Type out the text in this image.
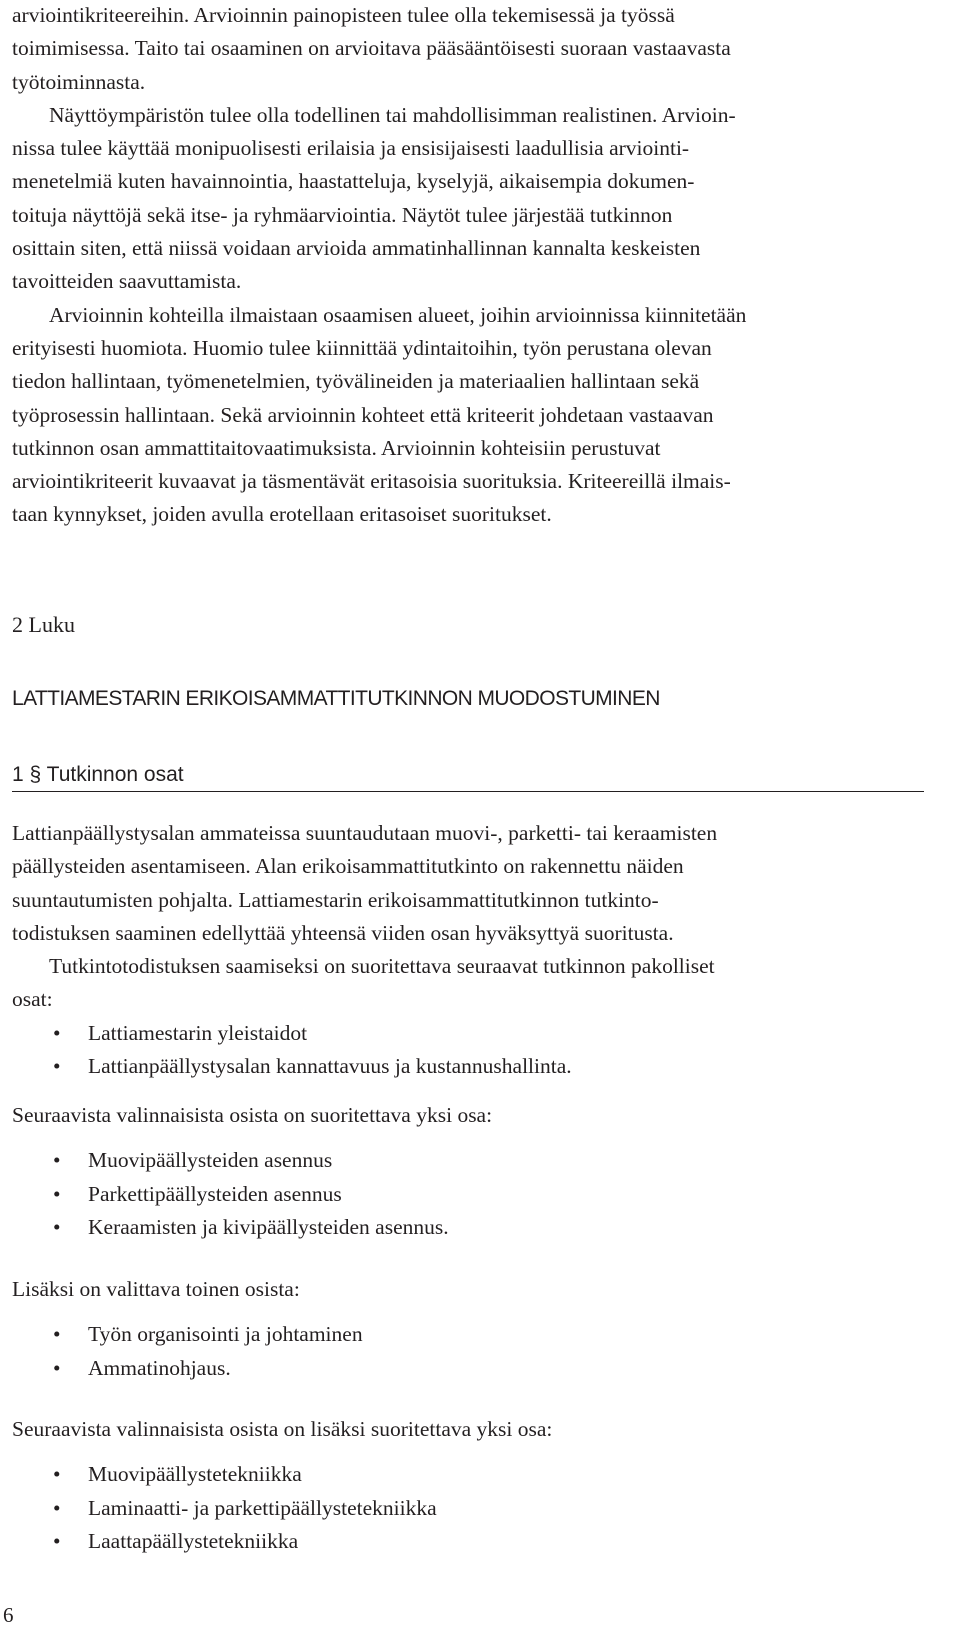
arviointikriteereihin. Arvioinnin painopisteen tulee olla tekemisessä ja työssä
toimimisessa. Taito tai osaaminen on arvioitava pääsääntöisesti suoraan vastaavasta
työtoiminnasta.

Näyttöympäristön tulee olla todellinen tai mahdollisimman realistinen. Arvioin-
nissa tulee käyttää monipuolisesti erilaisia ja ensisijaisesti laadullisia arviointi-
menetelmiä kuten havainnointia, haastatteluja, kyselyjä, aikaisempia dokumen-
toituja näyttöjä sekä itse- ja ryhmäarviointia. Näytöt tulee järjestää tutkinnon
osittain siten, että niissä voidaan arvioida ammatinhallinnan kannalta keskeisten
tavoitteiden saavuttamista.

Arvioinnin kohteilla ilmaistaan osaamisen alueet, joihin arvioinnissa kiinnitetään
erityisesti huomiota. Huomio tulee kiinnittää ydintaitoihin, työn perustana olevan
tiedon hallintaan, työmenetelmien, työvälineiden ja materiaalien hallintaan sekä
työprosessin hallintaan. Sekä arvioinnin kohteet että kriteerit johdetaan vastaavan
tutkinnon osan ammattitaitovaatimuksista. Arvioinnin kohteisiin perustuvat
arviointikriteerit kuvaavat ja täsmentävät eritasoisia suorituksia. Kriteereillä ilmais-
taan kynnykset, joiden avulla erotellaan eritasoiset suoritukset.

2 Luku

LATTIAMESTARIN ERIKOISAMMATTITUTKINNON MUODOSTUMINEN

1 § Tutkinnon osat

Lattianpäällystysalan ammateissa suuntaudutaan muovi-, parketti- tai keraamisten
päällysteiden asentamiseen. Alan erikoisammattitutkinto on rakennettu näiden
suuntautumisten pohjalta. Lattiamestarin erikoisammattitutkinnon tutkinto-
todistuksen saaminen edellyttää yhteensä viiden osan hyväksyttyä suoritusta.

Tutkintotodistuksen saamiseksi on suoritettava seuraavat tutkinnon pakolliset
osat:

• Lattiamestarin yleistaidot
• Lattianpäällystysalan kannattavuus ja kustannushallinta.

Seuraavista valinnaisista osista on suoritettava yksi osa:

• Muovipäällysteiden asennus
• Parkettipäällysteiden asennus
• Keraamisten ja kivipäällysteiden asennus.

Lisäksi on valittava toinen osista:

• Työn organisointi ja johtaminen
• Ammatinohjaus.

Seuraavista valinnaisista osista on lisäksi suoritettava yksi osa:

• Muovipäällystetekniikka
• Laminaatti- ja parkettipäällystetekniikka
• Laattapäällystetekniikka
6
